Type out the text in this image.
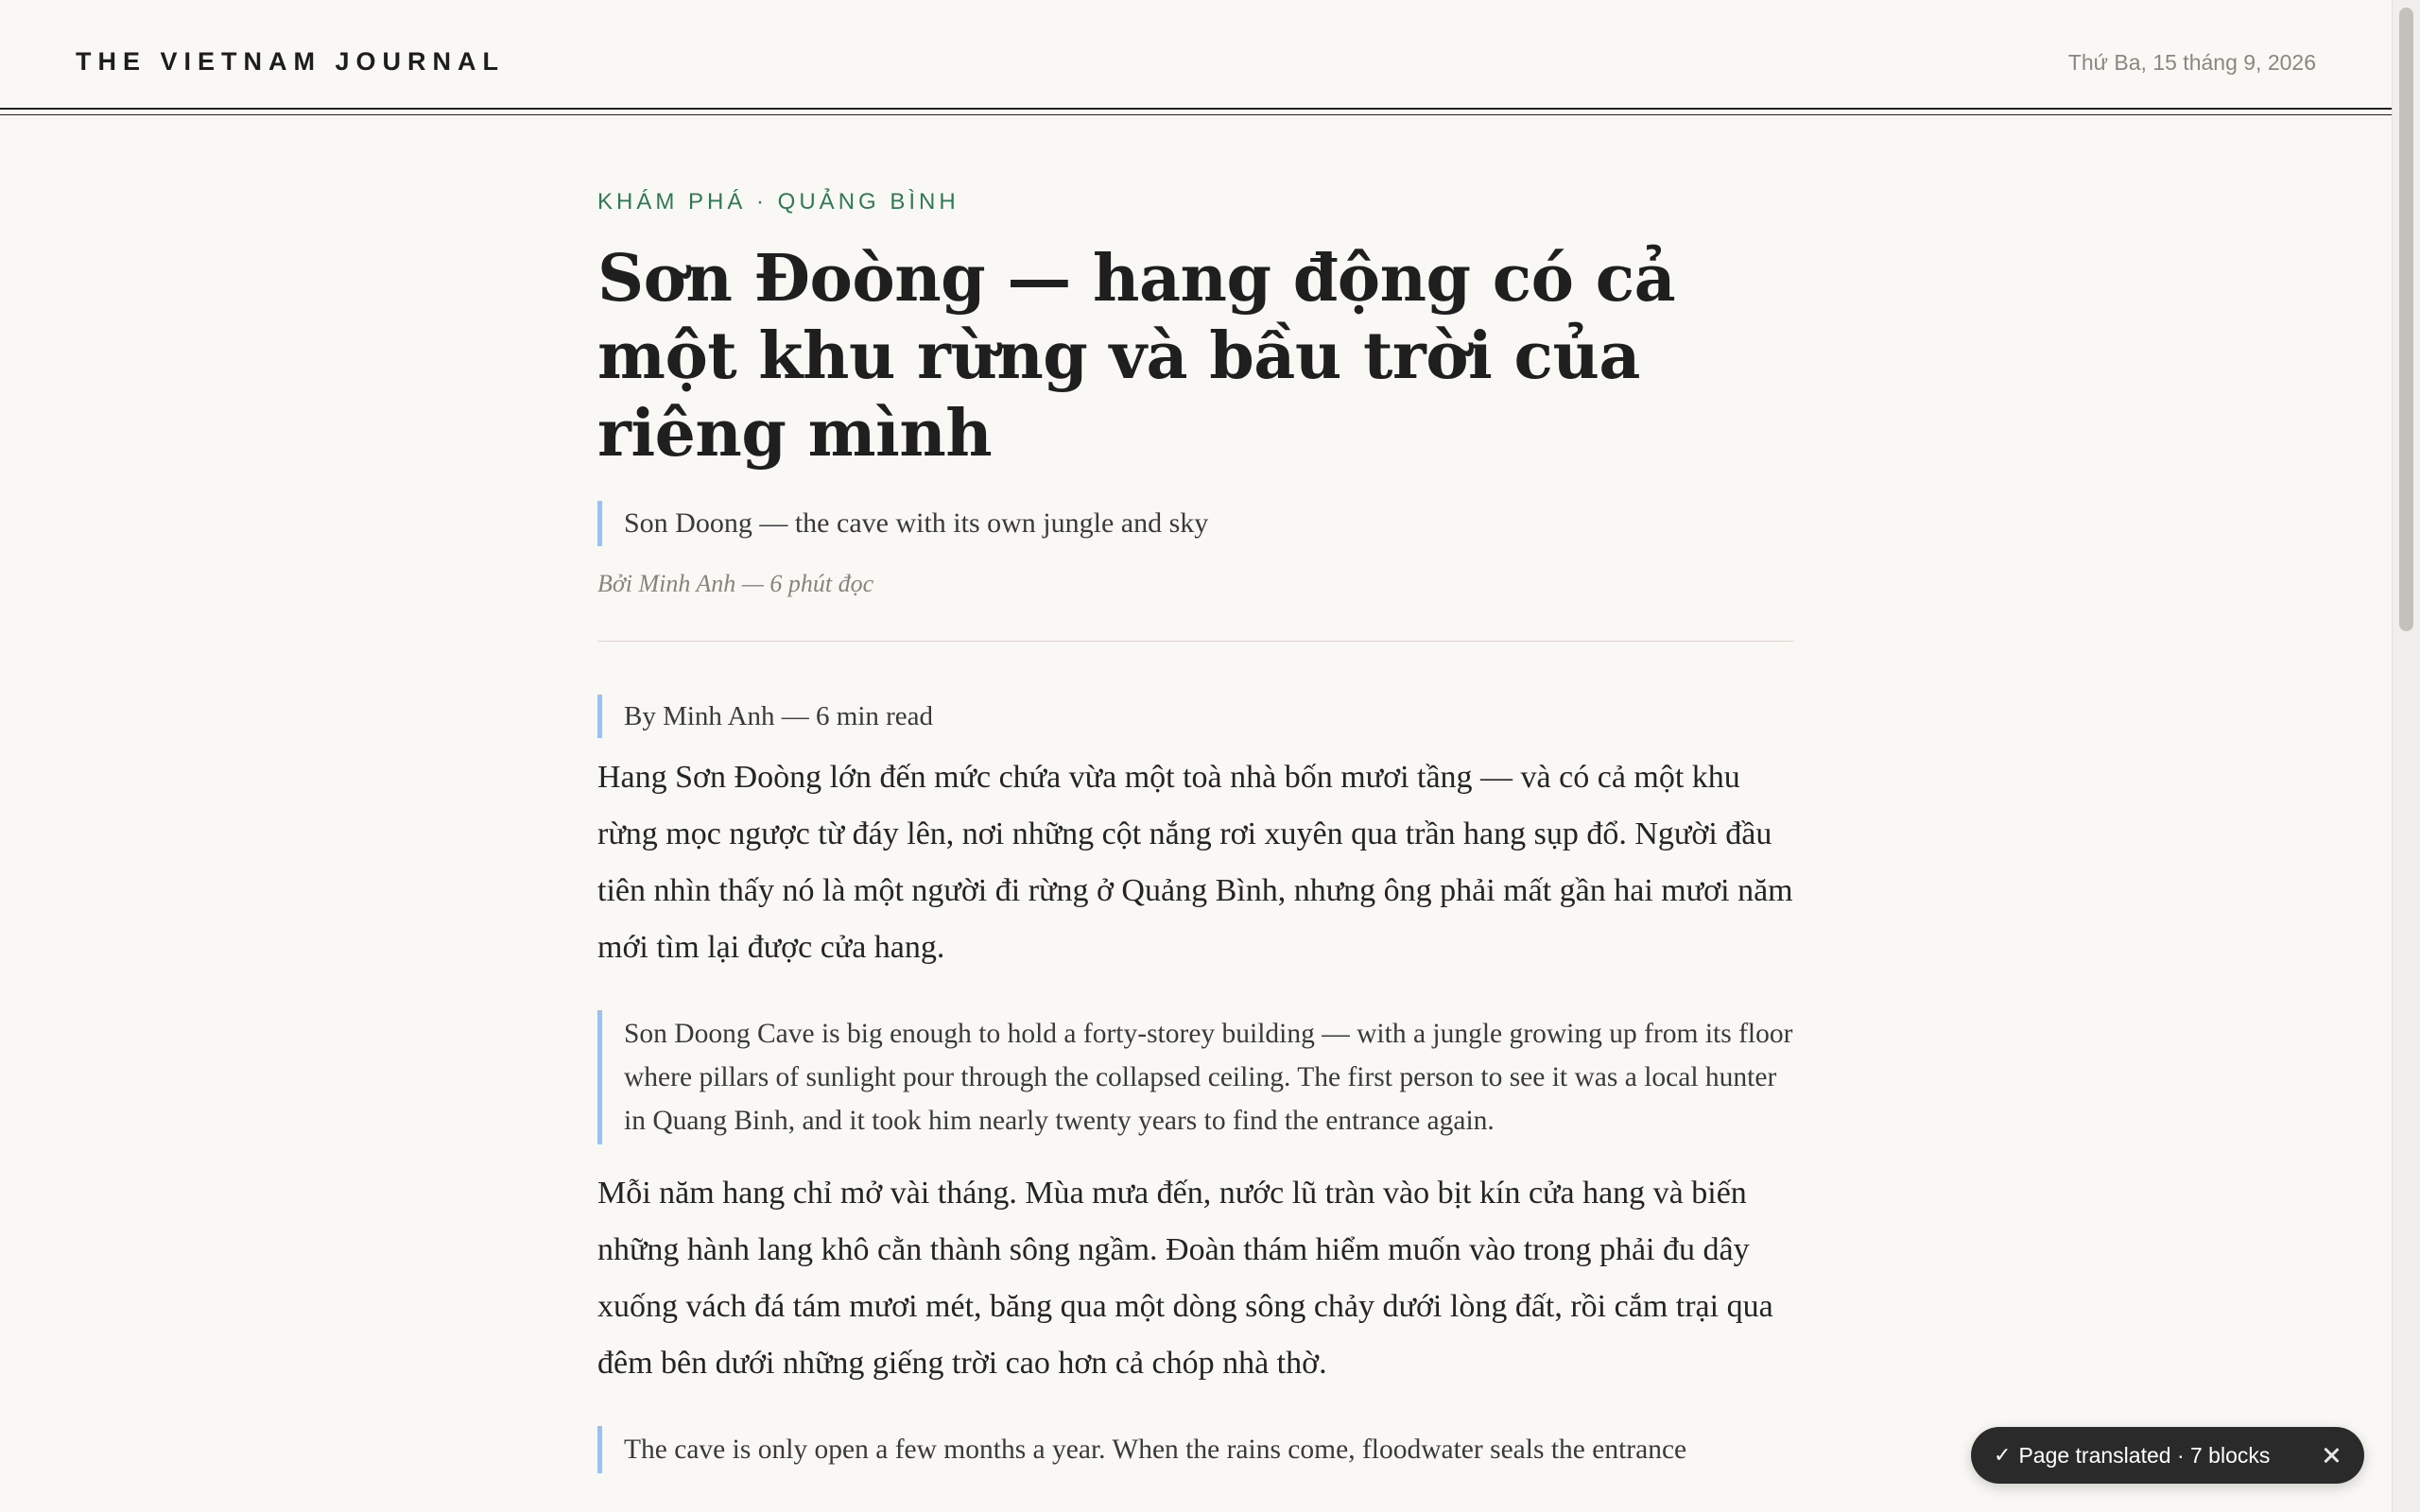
THE VIETNAM JOURNAL	Thứ Ba, 15 tháng 9, 2026
KHÁM PHÁ · QUẢNG BÌNH
Sơn Đoòng — hang động có cả một khu rừng và bầu trời của riêng mình
Son Doong — the cave with its own jungle and sky
Bởi Minh Anh — 6 phút đọc
By Minh Anh — 6 min read

Hang Sơn Đoòng lớn đến mức chứa vừa một toà nhà bốn mươi tầng — và có cả một khu rừng mọc ngược từ đáy lên, nơi những cột nắng rơi xuyên qua trần hang sụp đổ. Người đầu tiên nhìn thấy nó là một người đi rừng ở Quảng Bình, nhưng ông phải mất gần hai mươi năm mới tìm lại được cửa hang.

Son Doong Cave is big enough to hold a forty-storey building — with a jungle growing up from its floor where pillars of sunlight pour through the collapsed ceiling. The first person to see it was a local hunter in Quang Binh, and it took him nearly twenty years to find the entrance again.

Mỗi năm hang chỉ mở vài tháng. Mùa mưa đến, nước lũ tràn vào bịt kín cửa hang và biến những hành lang khô cằn thành sông ngầm. Đoàn thám hiểm muốn vào trong phải đu dây xuống vách đá tám mươi mét, băng qua một dòng sông chảy dưới lòng đất, rồi cắm trại qua đêm bên dưới những giếng trời cao hơn cả chóp nhà thờ.

The cave is only open a few months a year. When the rains come, floodwater seals the entrance	✓ Page translated · 7 blocks
